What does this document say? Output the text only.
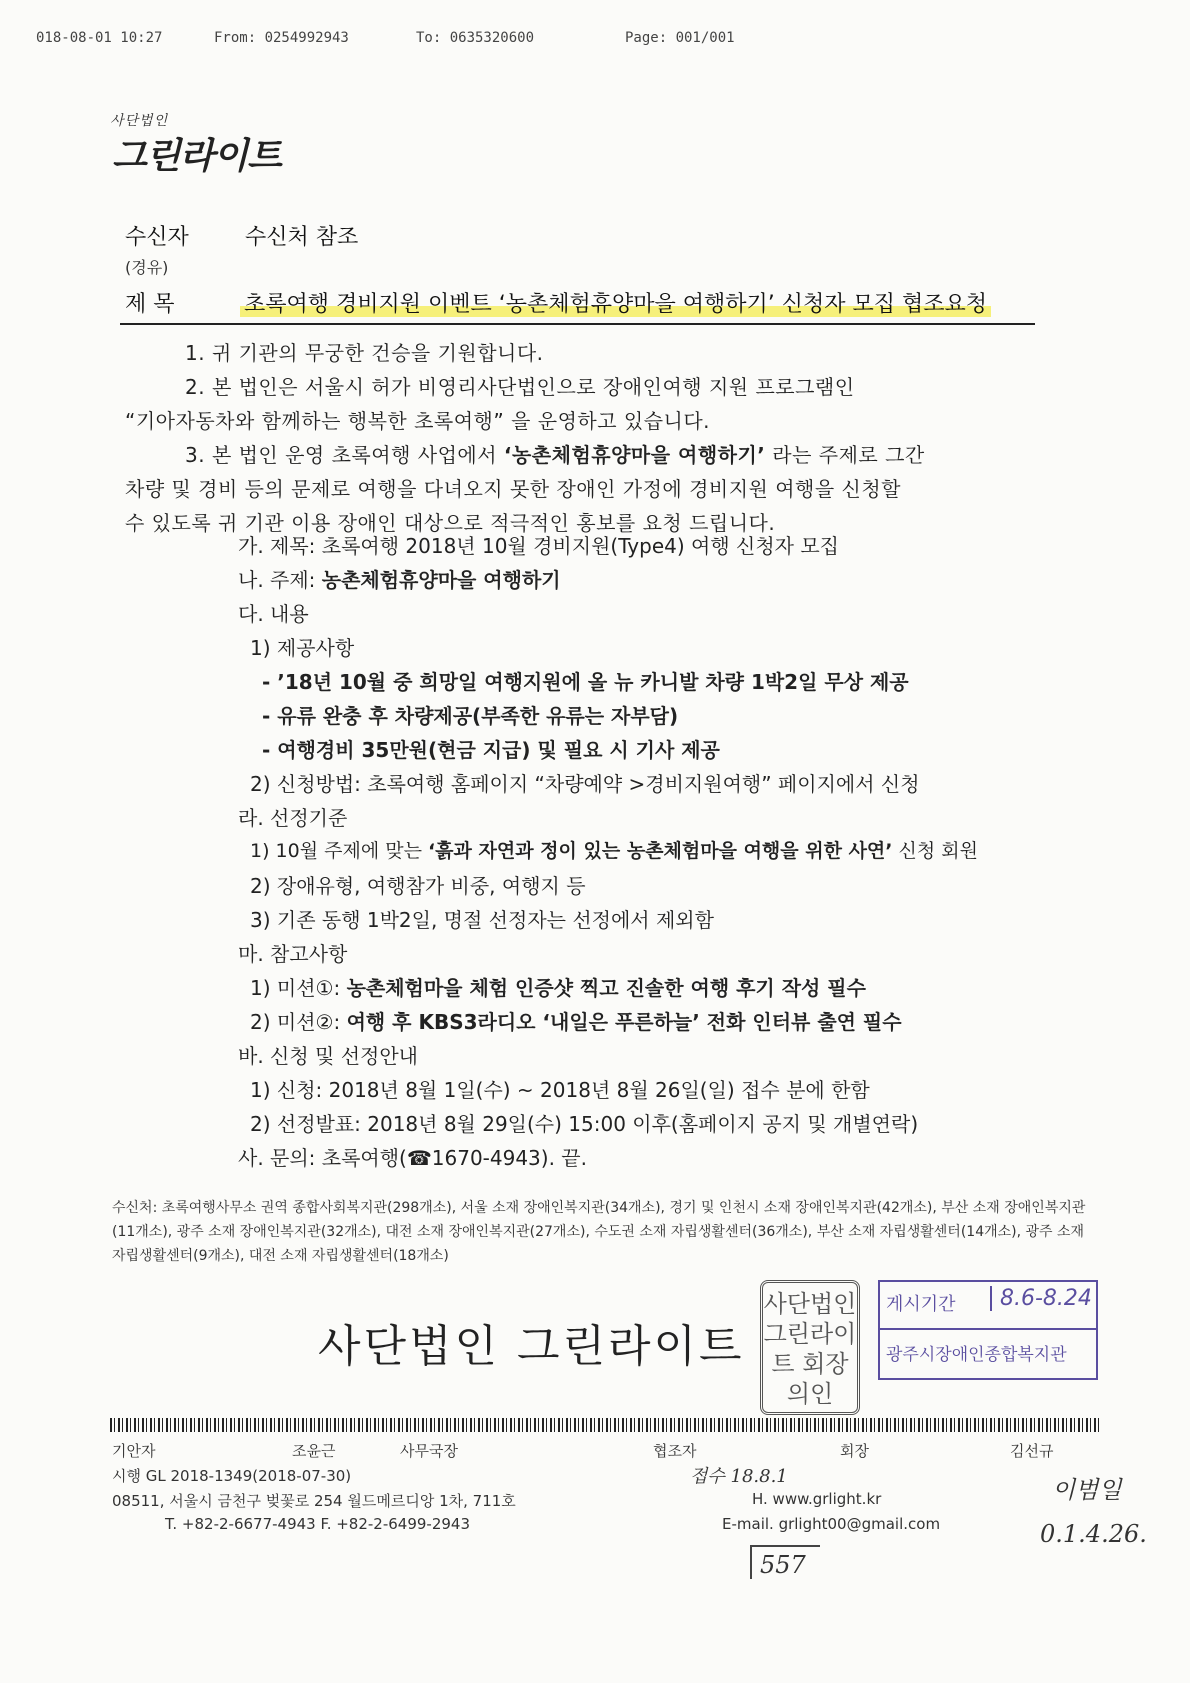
018-08-01 10:27	From: 0254992943	To: 0635320600	Page: 001/001
사단법인
그린라이트
수신자	수신처 참조
(경유)
제 목	초록여행 경비지원 이벤트 ‘농촌체험휴양마을 여행하기’ 신청자 모집 협조요청

1. 귀 기관의 무궁한 건승을 기원합니다.

2. 본 법인은 서울시 허가 비영리사단법인으로 장애인여행 지원 프로그램인

“기아자동차와 함께하는 행복한 초록여행” 을 운영하고 있습니다.

3. 본 법인 운영 초록여행 사업에서 ‘농촌체험휴양마을 여행하기’ 라는 주제로 그간

차량 및 경비 등의 문제로 여행을 다녀오지 못한 장애인 가정에 경비지원 여행을 신청할

수 있도록 귀 기관 이용 장애인 대상으로 적극적인 홍보를 요청 드립니다.

가. 제목: 초록여행 2018년 10월 경비지원(Type4) 여행 신청자 모집
나. 주제: 농촌체험휴양마을 여행하기
다. 내용
1) 제공사항
- ’18년 10월 중 희망일 여행지원에 올 뉴 카니발 차량 1박2일 무상 제공
- 유류 완충 후 차량제공(부족한 유류는 자부담)
- 여행경비 35만원(현금 지급) 및 필요 시 기사 제공
2) 신청방법: 초록여행 홈페이지 “차량예약 >경비지원여행” 페이지에서 신청
라. 선정기준
1) 10월 주제에 맞는 ‘흙과 자연과 정이 있는 농촌체험마을 여행을 위한 사연’ 신청 회원
2) 장애유형, 여행참가 비중, 여행지 등
3) 기존 동행 1박2일, 명절 선정자는 선정에서 제외함
마. 참고사항
1) 미션①: 농촌체험마을 체험 인증샷 찍고 진솔한 여행 후기 작성 필수
2) 미션②: 여행 후 KBS3라디오 ‘내일은 푸른하늘’ 전화 인터뷰 출연 필수
바. 신청 및 선정안내
1) 신청: 2018년 8월 1일(수) ~ 2018년 8월 26일(일) 접수 분에 한함
2) 선정발표: 2018년 8월 29일(수) 15:00 이후(홈페이지 공지 및 개별연락)
사. 문의: 초록여행(☎1670-4943). 끝.
수신처: 초록여행사무소 권역 종합사회복지관(298개소), 서울 소재 장애인복지관(34개소), 경기 및 인천시 소재 장애인복지관(42개소), 부산 소재 장애인복지관(11개소), 광주 소재 장애인복지관(32개소), 대전 소재 장애인복지관(27개소), 수도권 소재 자립생활센터(36개소), 부산 소재 자립생활센터(14개소), 광주 소재 자립생활센터(9개소), 대전 소재 자립생활센터(18개소)
사단법인 그린라이트
사단법인 그린라이트 회장의인
게시기간	8.6-8.24
광주시장애인종합복지관
기안자	조윤근	사무국장	협조자	회장	김선규
시행 GL 2018-1349(2018-07-30)	접수 18.8.1
08511, 서울시 금천구 벚꽃로 254 월드메르디앙 1차, 711호	H. www.grlight.kr
T. +82-2-6677-4943 F. +82-2-6499-2943	E-mail. grlight00@gmail.com
이범일
0.1.4.26.
557
